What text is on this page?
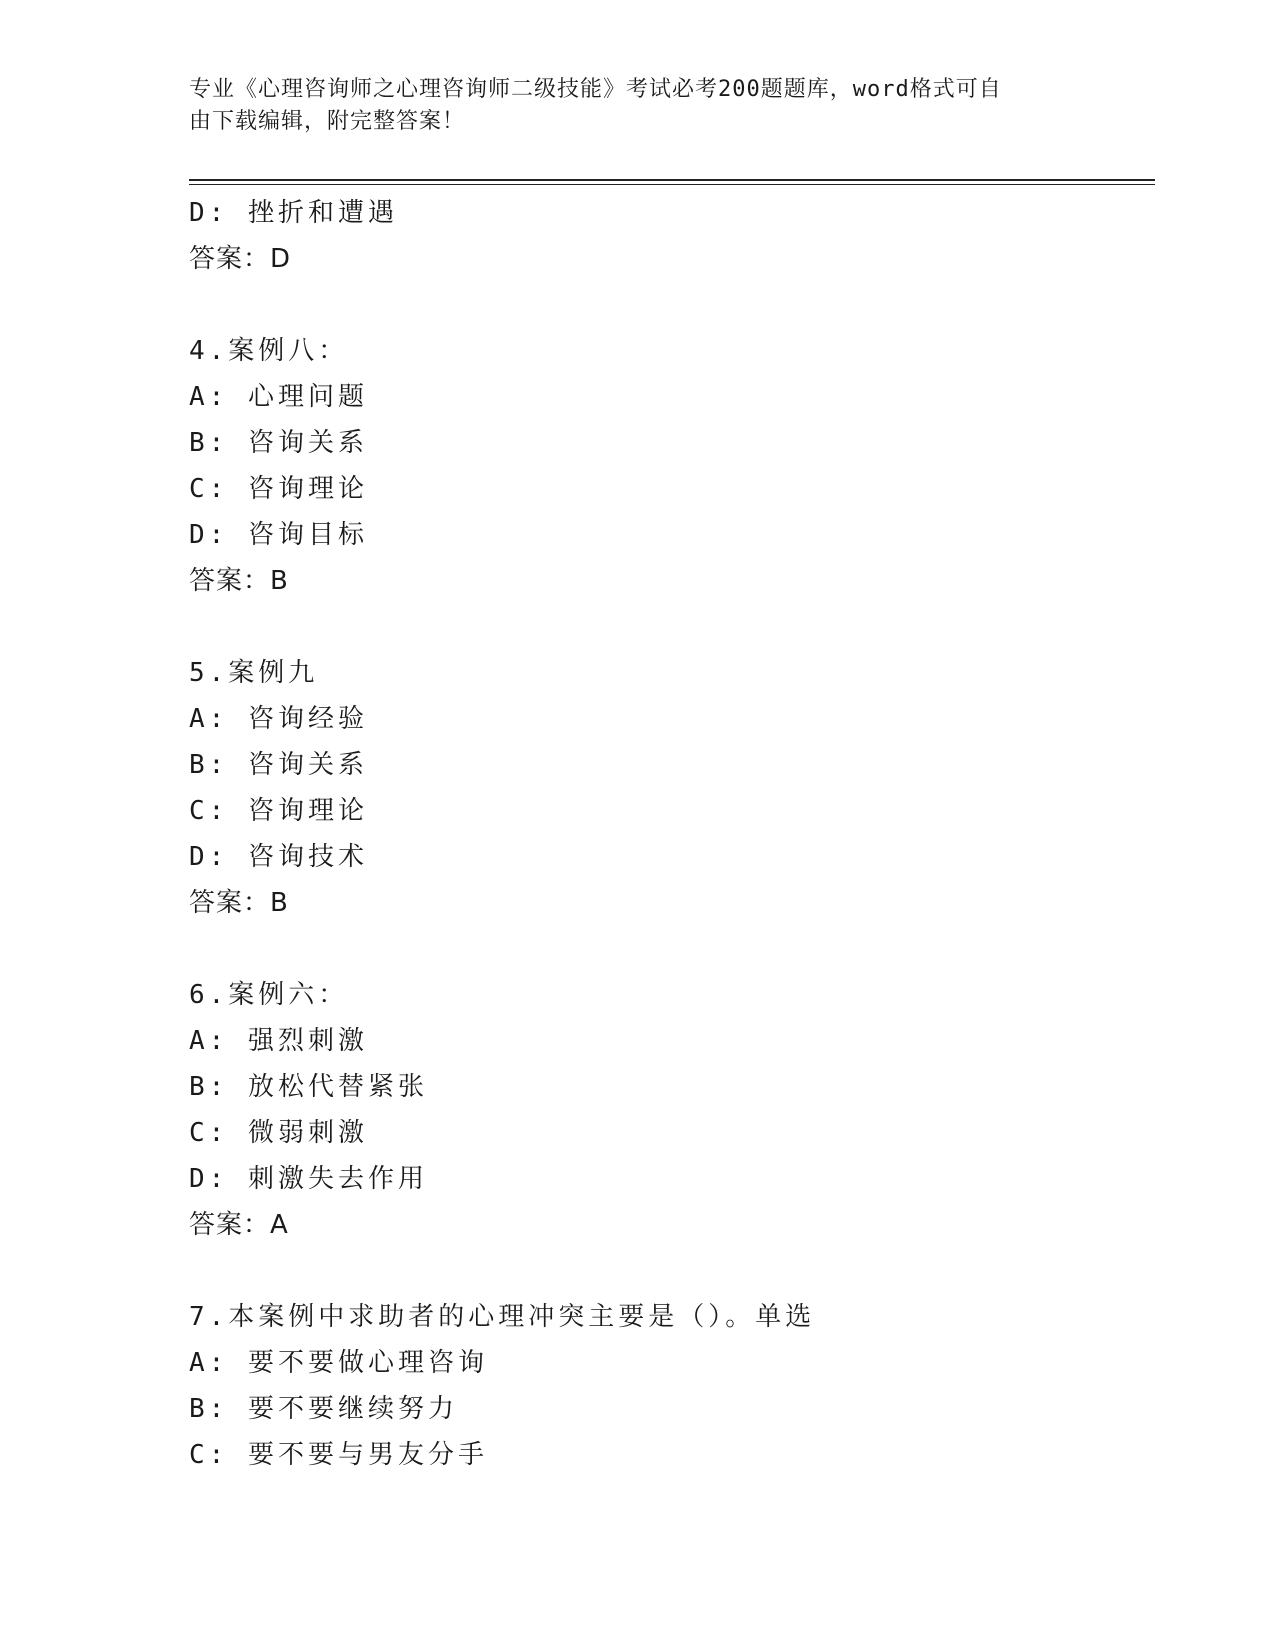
专业《心理咨询师之心理咨询师二级技能》考试必考200题题库，word格式可自
由下载编辑，附完整答案！
D: 挫折和遭遇
答案：D
4.案例八：
A: 心理问题
B: 咨询关系
C: 咨询理论
D: 咨询目标
答案：B
5.案例九
A: 咨询经验
B: 咨询关系
C: 咨询理论
D: 咨询技术
答案：B
6.案例六：
A: 强烈刺激
B: 放松代替紧张
C: 微弱刺激
D: 刺激失去作用
答案：A
7.本案例中求助者的心理冲突主要是（）。单选
A: 要不要做心理咨询
B: 要不要继续努力
C: 要不要与男友分手
